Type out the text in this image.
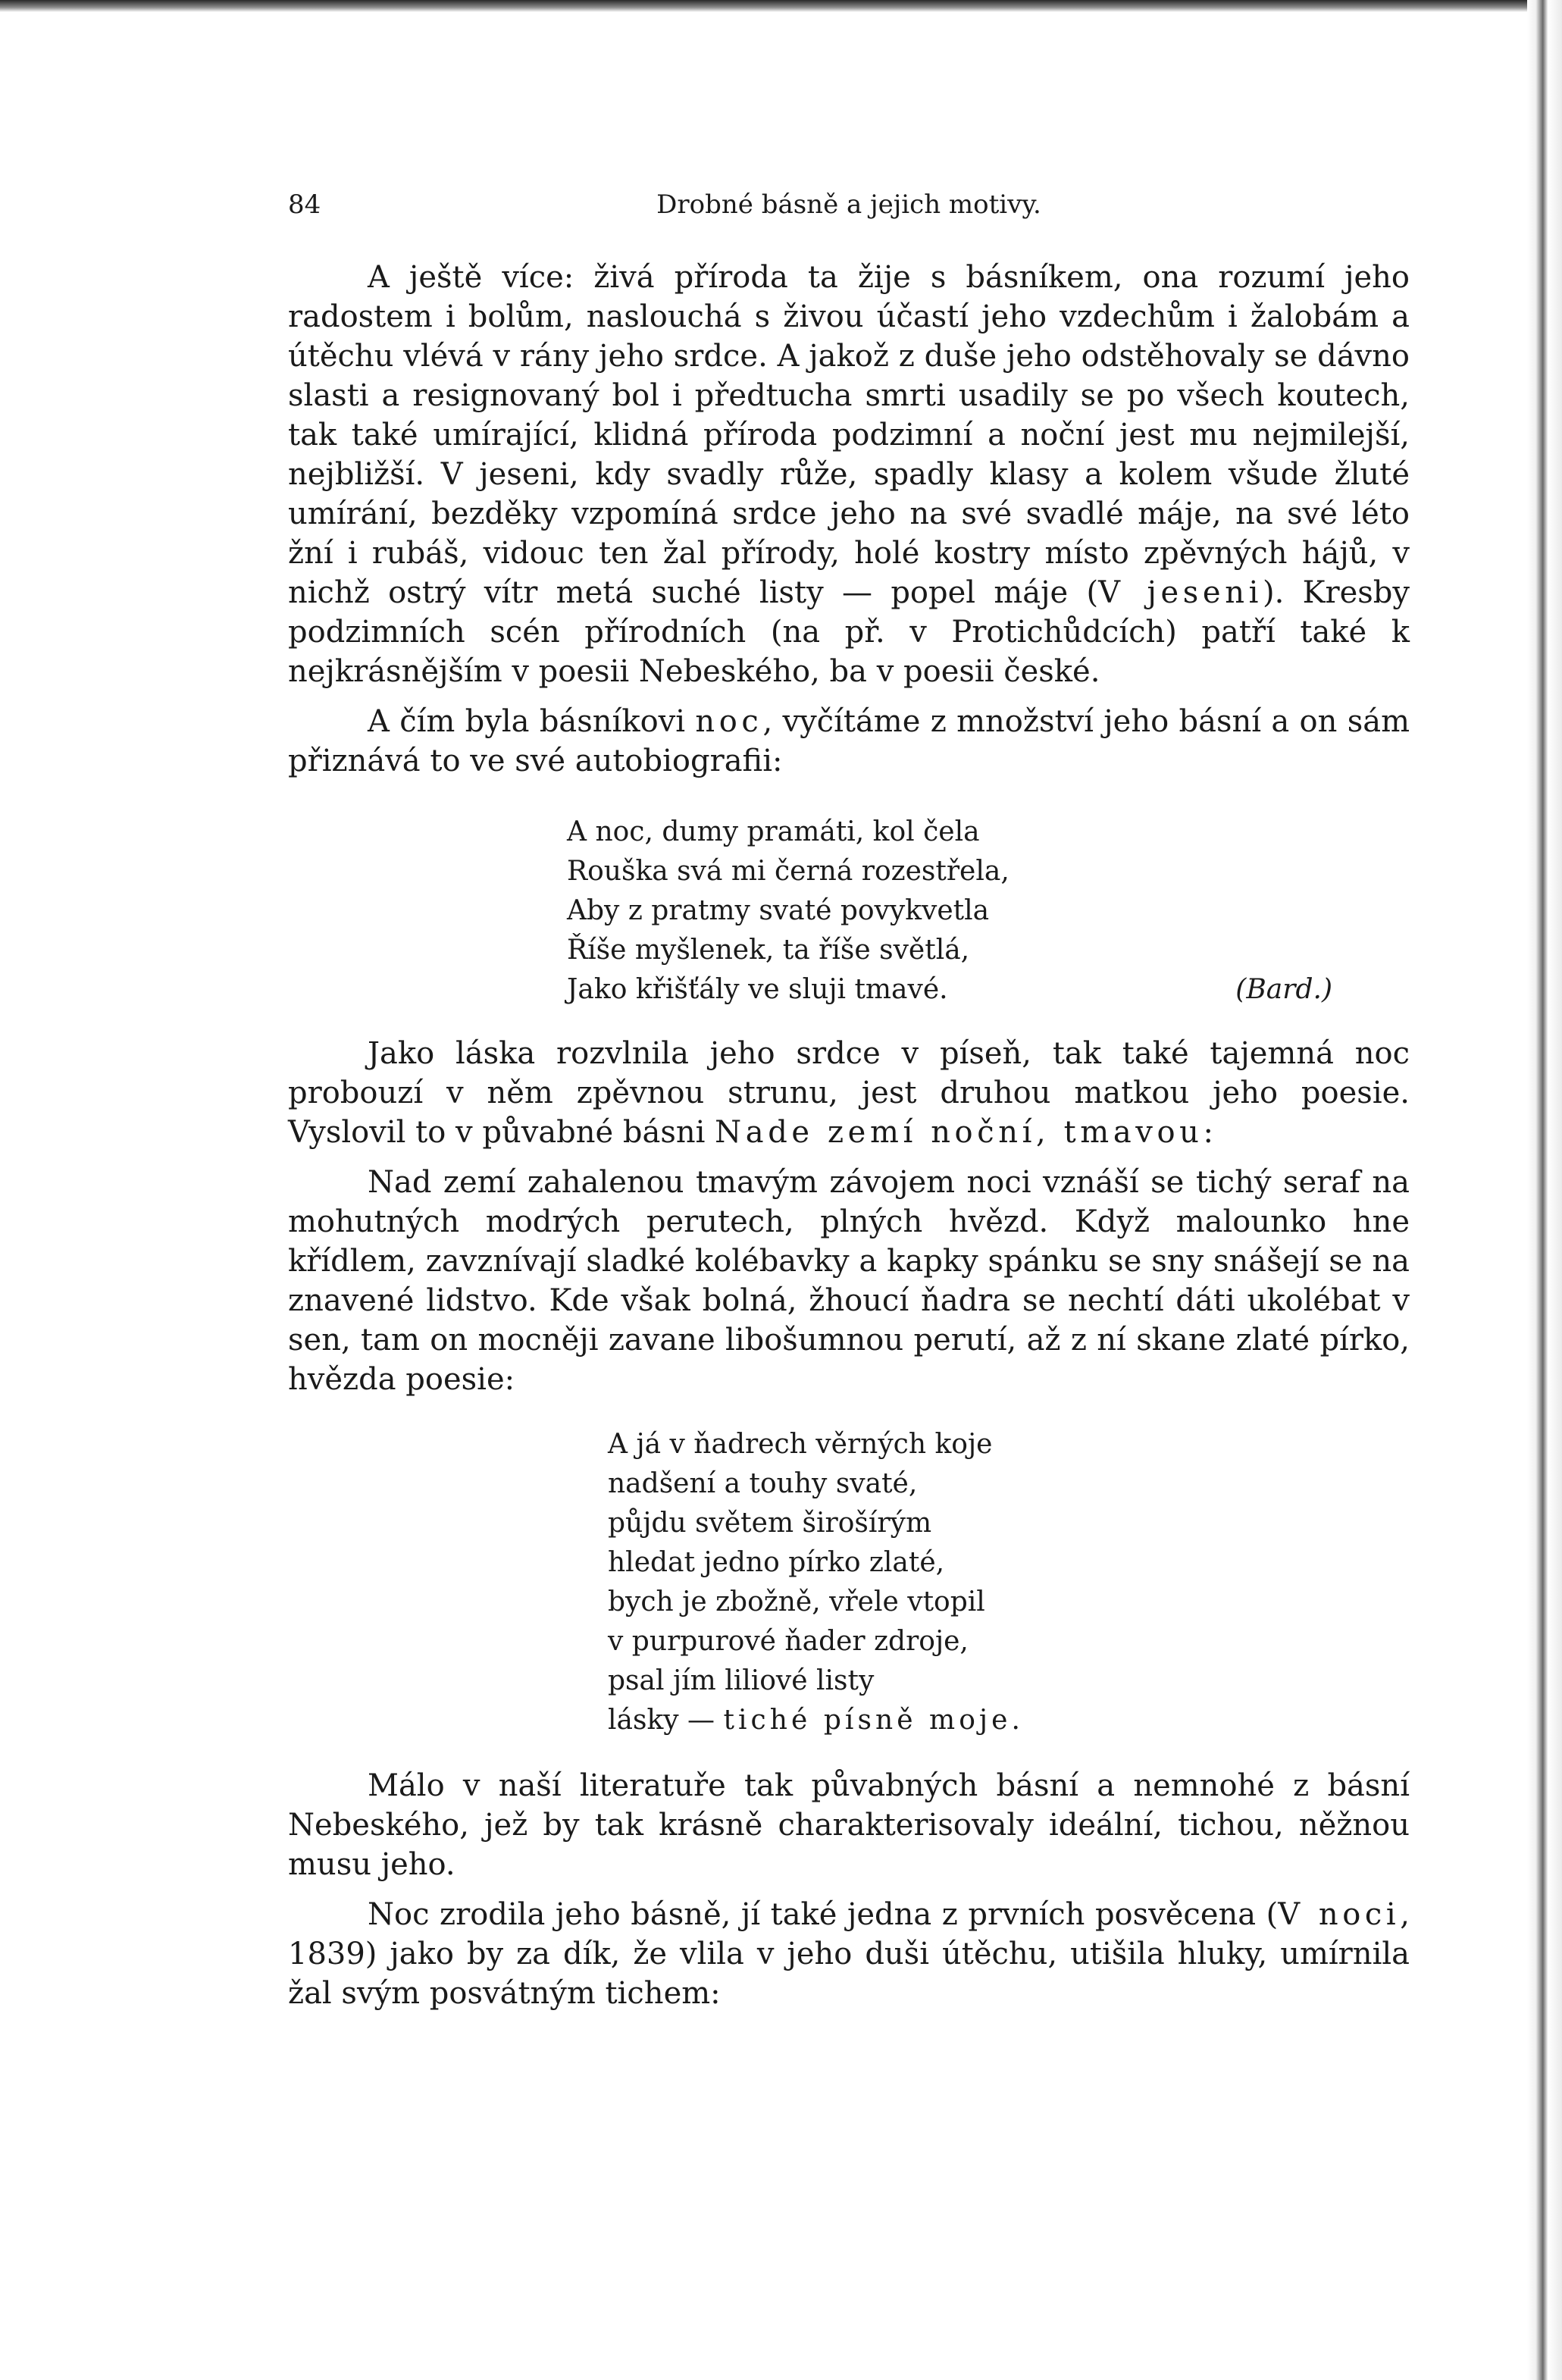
84	Drobné básně a jejich motivy.

A ještě více: živá příroda ta žije s básníkem, ona rozumí jeho radostem i bolům, naslouchá s živou účastí jeho vzdechům i žalobám a útěchu vlévá v rány jeho srdce. A jakož z duše jeho odstěhovaly se dávno slasti a resignovaný bol i předtucha smrti usadily se po všech koutech, tak také umírající, klidná příroda podzimní a noční jest mu nejmilejší, nejbližší. V jeseni, kdy svadly růže, spadly klasy a kolem všude žluté umírání, bezděky vzpomíná srdce jeho na své svadlé máje, na své léto žní i rubáš, vidouc ten žal přírody, holé kostry místo zpěvných hájů, v nichž ostrý vítr metá suché listy — popel máje (V jeseni). Kresby podzimních scén přírodních (na př. v Protichůdcích) patří také k nejkrásnějším v poesii Nebeského, ba v poesii české.

A čím byla básníkovi noc, vyčítáme z množství jeho básní a on sám přiznává to ve své autobiografii:

A noc, dumy pramáti, kol čela
Rouška svá mi černá rozestřela,
Aby z pratmy svaté povykvetla
Říše myšlenek, ta říše světlá,
Jako křišťály ve sluji tmavé.	(Bard.)

Jako láska rozvlnila jeho srdce v píseň, tak také tajemná noc probouzí v něm zpěvnou strunu, jest druhou matkou jeho poesie. Vyslovil to v půvabné básni Nade zemí noční, tmavou:

Nad zemí zahalenou tmavým závojem noci vznáší se tichý seraf na mohutných modrých perutech, plných hvězd. Když malounko hne křídlem, zavznívají sladké kolébavky a kapky spánku se sny snášejí se na znavené lidstvo. Kde však bolná, žhoucí ňadra se nechtí dáti ukolébat v sen, tam on mocněji zavane libošumnou perutí, až z ní skane zlaté pírko, hvězda poesie:

A já v ňadrech věrných koje
nadšení a touhy svaté,
půjdu světem širošírým
hledat jedno pírko zlaté,
bych je zbožně, vřele vtopil
v purpurové ňader zdroje,
psal jím liliové listy
lásky — tiché písně moje.

Málo v naší literatuře tak půvabných básní a nemnohé z básní Nebeského, jež by tak krásně charakterisovaly ideální, tichou, něžnou musu jeho.

Noc zrodila jeho básně, jí také jedna z prvních posvěcena (V noci, 1839) jako by za dík, že vlila v jeho duši útěchu, utišila hluky, umírnila žal svým posvátným tichem:
